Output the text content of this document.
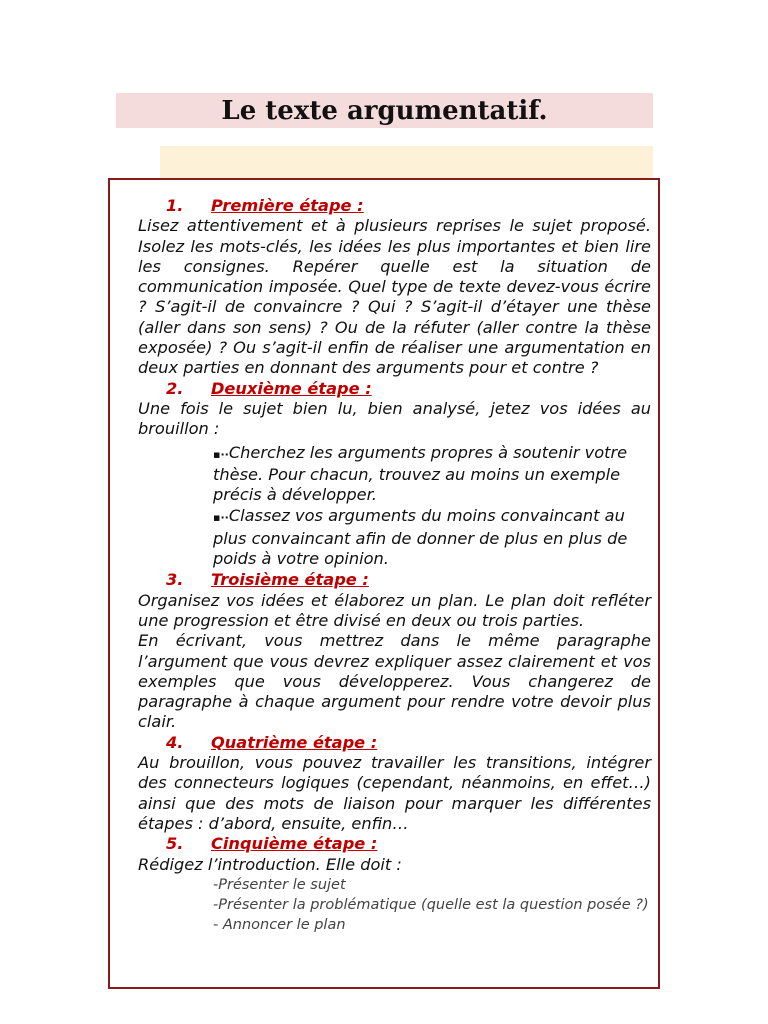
Le texte argumentatif.
1. Première étape :
Lisez attentivement et à plusieurs reprises le sujet proposé. Isolez les mots-clés, les idées les plus importantes et bien lire les consignes. Repérer quelle est la situation de communication imposée. Quel type de texte devez-vous écrire ? S’agit-il de convaincre ? Qui ? S’agit-il d’étayer une thèse (aller dans son sens) ? Ou de la réfuter (aller contre la thèse exposée) ? Ou s’agit-il enfin de réaliser une argumentation en deux parties en donnant des arguments pour et contre ?
2. Deuxième étape :
Une fois le sujet bien lu, bien analysé, jetez vos idées au brouillon :
▪··Cherchez les arguments propres à soutenir votre thèse. Pour chacun, trouvez au moins un exemple précis à développer.
▪··Classez vos arguments du moins convaincant au plus convaincant afin de donner de plus en plus de poids à votre opinion.
3. Troisième étape :
Organisez vos idées et élaborez un plan. Le plan doit refléter une progression et être divisé en deux ou trois parties.
En écrivant, vous mettrez dans le même paragraphe l’argument que vous devrez expliquer assez clairement et vos exemples que vous développerez. Vous changerez de paragraphe à chaque argument pour rendre votre devoir plus clair.
4. Quatrième étape :
Au brouillon, vous pouvez travailler les transitions, intégrer des connecteurs logiques (cependant, néanmoins, en effet…) ainsi que des mots de liaison pour marquer les différentes étapes : d’abord, ensuite, enfin…
5. Cinquième étape :
Rédigez l’introduction. Elle doit :
-Présenter le sujet
-Présenter la problématique (quelle est la question posée ?)
- Annoncer le plan
